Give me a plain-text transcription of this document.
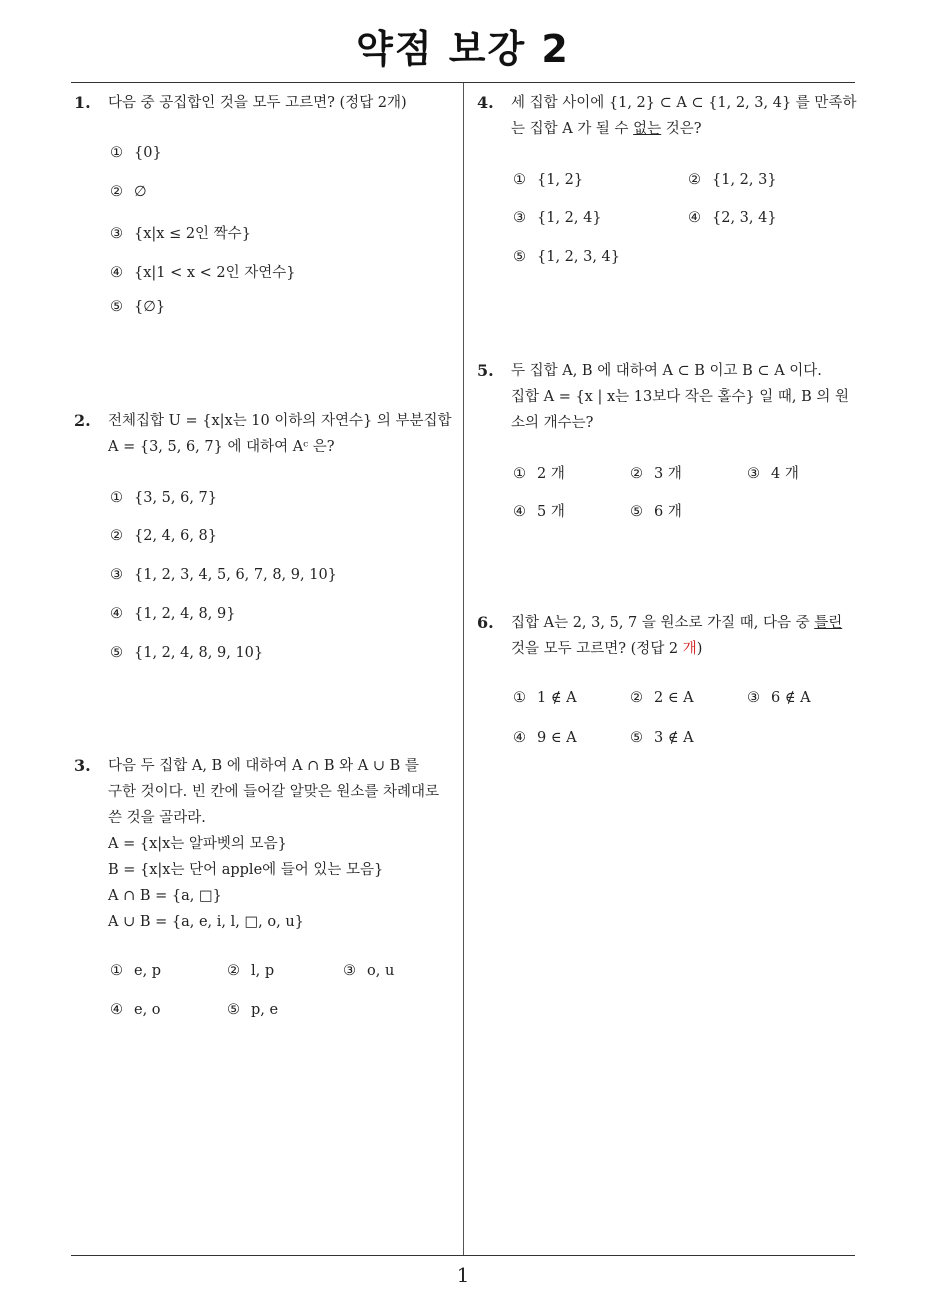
약점 보강 2
1
1. 다음 중 공집합인 것을 모두 고르면? (정답 2개)
① {0}
② ∅
③ {x|x ≤ 2인 짝수}
④ {x|1 < x < 2인 자연수}
⑤ {∅}
2. 전체집합 U = {x|x는 10 이하의 자연수} 의 부분집합
A = {3, 5, 6, 7} 에 대하여 Aᶜ 은?
① {3, 5, 6, 7}
② {2, 4, 6, 8}
③ {1, 2, 3, 4, 5, 6, 7, 8, 9, 10}
④ {1, 2, 4, 8, 9}
⑤ {1, 2, 4, 8, 9, 10}
3. 다음 두 집합 A, B 에 대하여 A ∩ B 와 A ∪ B 를
구한 것이다. 빈 칸에 들어갈 알맞은 원소를 차례대로
쓴 것을 골라라.
A = {x|x는 알파벳의 모음}
B = {x|x는 단어 apple에 들어 있는 모음}
A ∩ B = {a, □}
A ∪ B = {a, e, i, l, □, o, u}
① e, p	② l, p	③ o, u
④ e, o	⑤ p, e
4. 세 집합 사이에 {1, 2} ⊂ A ⊂ {1, 2, 3, 4} 를 만족하
는 집합 A 가 될 수 없는 것은?
① {1, 2}	② {1, 2, 3}
③ {1, 2, 4}	④ {2, 3, 4}
⑤ {1, 2, 3, 4}
5. 두 집합 A, B 에 대하여 A ⊂ B 이고 B ⊂ A 이다.
집합 A = {x | x는 13보다 작은 홀수} 일 때, B 의 원
소의 개수는?
① 2 개	② 3 개	③ 4 개
④ 5 개	⑤ 6 개
6. 집합 A는 2, 3, 5, 7 을 원소로 가질 때, 다음 중 틀린
것을 모두 고르면? (정답 2 개)
① 1 ∉ A	② 2 ∈ A	③ 6 ∉ A
④ 9 ∈ A	⑤ 3 ∉ A
